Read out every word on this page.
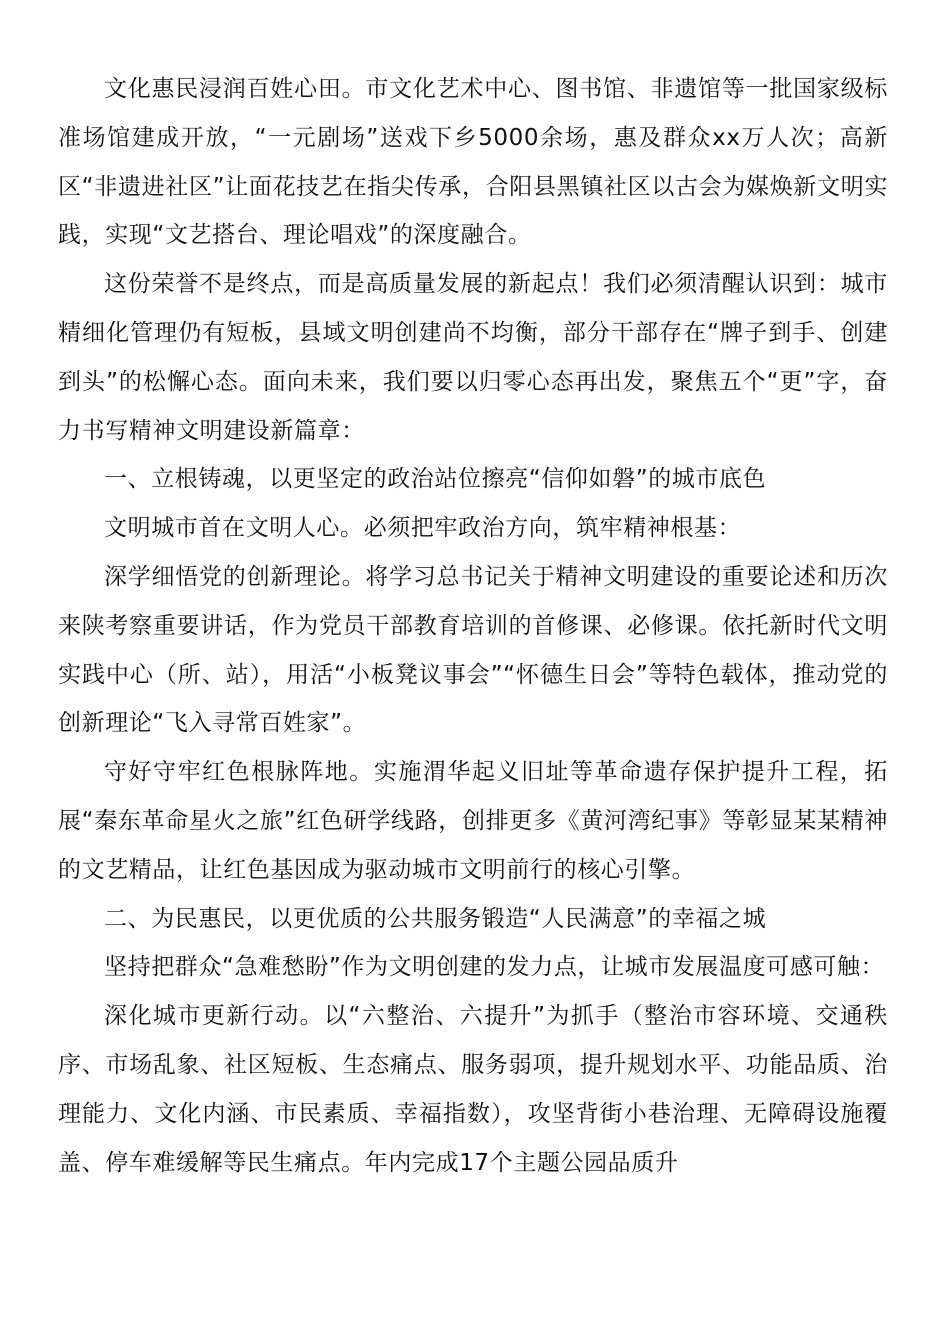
文化惠民浸润百姓心田。市文化艺术中心、图书馆、非遗馆等一批国家级标准场馆建成开放，“一元剧场”送戏下乡5000余场，惠及群众xx万人次；高新区“非遗进社区”让面花技艺在指尖传承，合阳县黑镇社区以古会为媒焕新文明实践，实现“文艺搭台、理论唱戏”的深度融合。

这份荣誉不是终点，而是高质量发展的新起点！我们必须清醒认识到：城市精细化管理仍有短板，县域文明创建尚不均衡，部分干部存在“牌子到手、创建到头”的松懈心态。面向未来，我们要以归零心态再出发，聚焦五个“更”字，奋力书写精神文明建设新篇章：

一、立根铸魂，以更坚定的政治站位擦亮“信仰如磐”的城市底色

文明城市首在文明人心。必须把牢政治方向，筑牢精神根基：

深学细悟党的创新理论。将学习总书记关于精神文明建设的重要论述和历次来陕考察重要讲话，作为党员干部教育培训的首修课、必修课。依托新时代文明实践中心（所、站），用活“小板凳议事会”“怀德生日会”等特色载体，推动党的创新理论“飞入寻常百姓家”。

守好守牢红色根脉阵地。实施渭华起义旧址等革命遗存保护提升工程，拓展“秦东革命星火之旅”红色研学线路，创排更多《黄河湾纪事》等彰显某某精神的文艺精品，让红色基因成为驱动城市文明前行的核心引擎。

二、为民惠民，以更优质的公共服务锻造“人民满意”的幸福之城

坚持把群众“急难愁盼”作为文明创建的发力点，让城市发展温度可感可触：

深化城市更新行动。以“六整治、六提升”为抓手（整治市容环境、交通秩序、市场乱象、社区短板、生态痛点、服务弱项，提升规划水平、功能品质、治理能力、文化内涵、市民素质、幸福指数），攻坚背街小巷治理、无障碍设施覆盖、停车难缓解等民生痛点。年内完成17个主题公园品质升
